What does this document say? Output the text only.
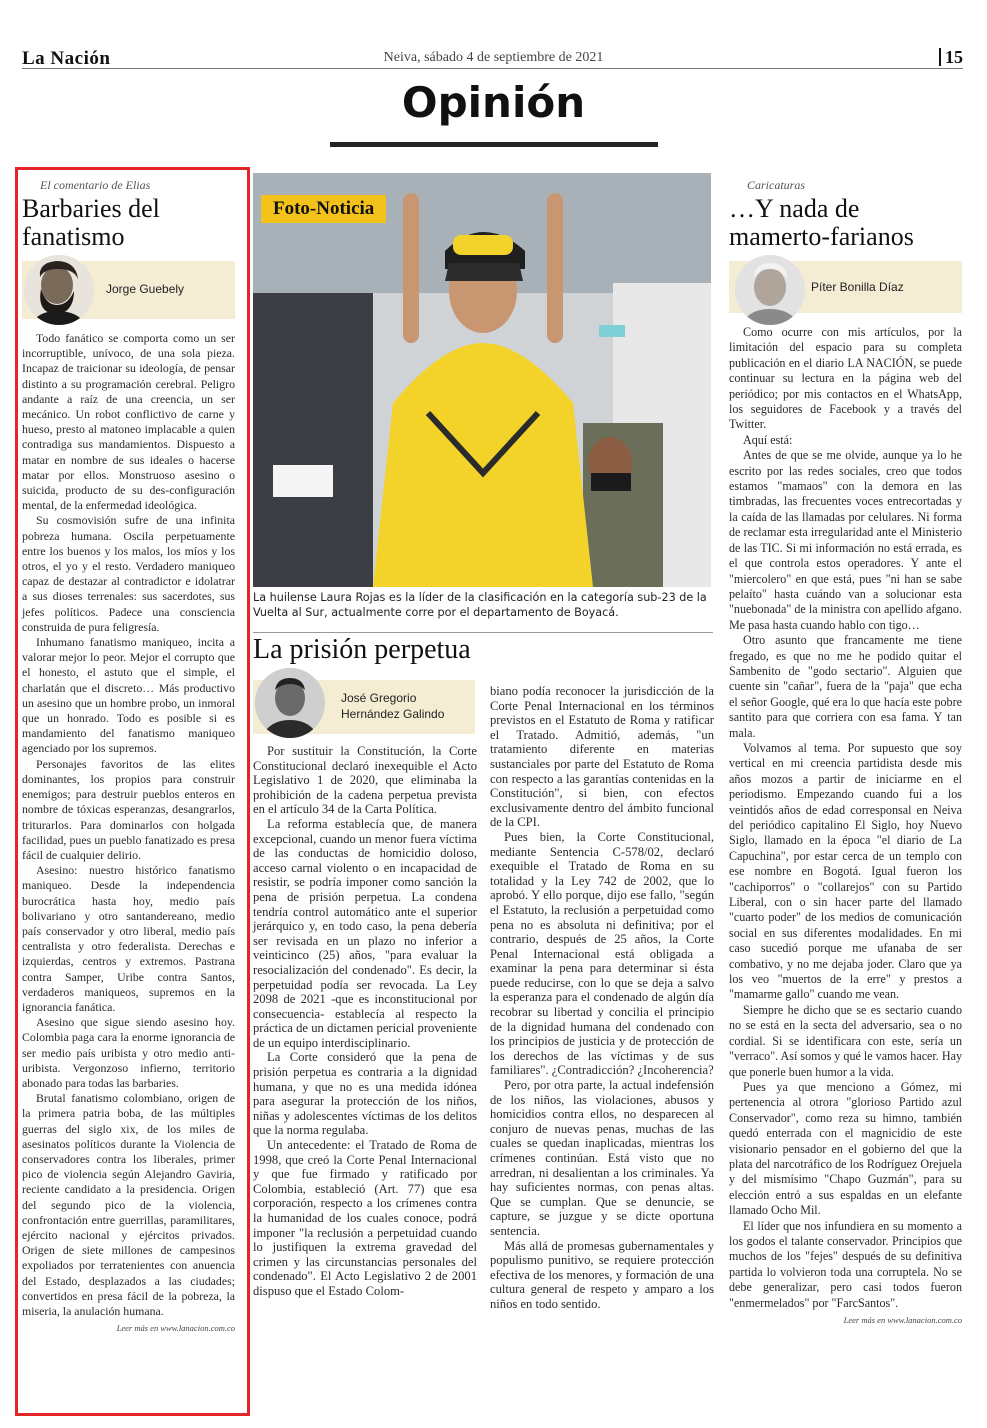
La Nación	Neiva, sábado 4 de septiembre de 2021	15
Opinión
El comentario de Elias
Barbaries del fanatismo
Jorge Guebely

Todo fanático se comporta como un ser incorruptible, unívoco, de una sola pieza. Incapaz de traicionar su ideología, de pensar distinto a su programación cerebral. Peligro andante a raíz de una creencia, un ser mecánico. Un robot conflictivo de carne y hueso, presto al matoneo implacable a quien contradiga sus mandamientos. Dispuesto a matar en nombre de sus ideales o hacerse matar por ellos. Monstruoso asesino o suicida, producto de su des-configuración mental, de la enfermedad ideológica.

Su cosmovisión sufre de una infinita pobreza humana. Oscila perpetuamente entre los buenos y los malos, los míos y los otros, el yo y el resto. Verdadero maniqueo capaz de destazar al contradictor e idolatrar a sus dioses terrenales: sus sacerdotes, sus jefes políticos. Padece una consciencia construida de pura feligresía.

Inhumano fanatismo maniqueo, incita a valorar mejor lo peor. Mejor el corrupto que el honesto, el astuto que el simple, el charlatán que el discreto… Más productivo un asesino que un hombre probo, un inmoral que un honrado. Todo es posible si es mandamiento del fanatismo maniqueo agenciado por los supremos.

Personajes favoritos de las elites dominantes, los propios para construir enemigos; para destruir pueblos enteros en nombre de tóxicas esperanzas, desangrarlos, triturarlos. Para dominarlos con holgada facilidad, pues un pueblo fanatizado es presa fácil de cualquier delirio.

Asesino: nuestro histórico fanatismo maniqueo. Desde la independencia burocrática hasta hoy, medio país bolivariano y otro santandereano, medio país conservador y otro liberal, medio país centralista y otro federalista. Derechas e izquierdas, centros y extremos. Pastrana contra Samper, Uribe contra Santos, verdaderos maniqueos, supremos en la ignorancia fanática.

Asesino que sigue siendo asesino hoy. Colombia paga cara la enorme ignorancia de ser medio país uribista y otro medio anti-uribista. Vergonzoso infierno, territorio abonado para todas las barbaries.

Brutal fanatismo colombiano, origen de la primera patria boba, de las múltiples guerras del siglo xix, de los miles de asesinatos políticos durante la Violencia de conservadores contra los liberales, primer pico de violencia según Alejandro Gaviria, reciente candidato a la presidencia. Origen del segundo pico de la violencia, confrontación entre guerrillas, paramilitares, ejército nacional y ejércitos privados. Origen de siete millones de campesinos expoliados por terratenientes con anuencia del Estado, desplazados a las ciudades; convertidos en presa fácil de la pobreza, la miseria, la anulación humana.

Leer más en www.lanacion.com.co
Foto-Noticia
La huilense Laura Rojas es la líder de la clasificación en la categoría sub-23 de la Vuelta al Sur, actualmente corre por el departamento de Boyacá.
La prisión perpetua
José Gregorio
Hernández Galindo

Por sustituir la Constitución, la Corte Constitucional declaró inexequible el Acto Legislativo 1 de 2020, que eliminaba la prohibición de la cadena perpetua prevista en el artículo 34 de la Carta Política.

La reforma establecía que, de manera excepcional, cuando un menor fuera víctima de las conductas de homicidio doloso, acceso carnal violento o en incapacidad de resistir, se podría imponer como sanción la pena de prisión perpetua. La condena tendría control automático ante el superior jerárquico y, en todo caso, la pena debería ser revisada en un plazo no inferior a veinticinco (25) años, "para evaluar la resocialización del condenado". Es decir, la perpetuidad podía ser revocada. La Ley 2098 de 2021 -que es inconstitucional por consecuencia- establecía al respecto la práctica de un dictamen pericial proveniente de un equipo interdisciplinario.

La Corte consideró que la pena de prisión perpetua es contraria a la dignidad humana, y que no es una medida idónea para asegurar la protección de los niños, niñas y adolescentes víctimas de los delitos que la norma regulaba.

Un antecedente: el Tratado de Roma de 1998, que creó la Corte Penal Internacional y que fue firmado y ratificado por Colombia, estableció (Art. 77) que esa corporación, respecto a los crímenes contra la humanidad de los cuales conoce, podrá imponer "la reclusión a perpetuidad cuando lo justifiquen la extrema gravedad del crimen y las circunstancias personales del condenado". El Acto Legislativo 2 de 2001 dispuso que el Estado Colom-

biano podía reconocer la jurisdicción de la Corte Penal Internacional en los términos previstos en el Estatuto de Roma y ratificar el Tratado. Admitió, además, "un tratamiento diferente en materias sustanciales por parte del Estatuto de Roma con respecto a las garantías contenidas en la Constitución", si bien, con efectos exclusivamente dentro del ámbito funcional de la CPI.

Pues bien, la Corte Constitucional, mediante Sentencia C-578/02, declaró exequible el Tratado de Roma en su totalidad y la Ley 742 de 2002, que lo aprobó. Y ello porque, dijo ese fallo, "según el Estatuto, la reclusión a perpetuidad como pena no es absoluta ni definitiva; por el contrario, después de 25 años, la Corte Penal Internacional está obligada a examinar la pena para determinar si ésta puede reducirse, con lo que se deja a salvo la esperanza para el condenado de algún día recobrar su libertad y concilia el principio de la dignidad humana del condenado con los principios de justicia y de protección de los derechos de las víctimas y de sus familiares". ¿Contradicción? ¿Incoherencia?

Pero, por otra parte, la actual indefensión de los niños, las violaciones, abusos y homicidios contra ellos, no desparecen al conjuro de nuevas penas, muchas de las cuales se quedan inaplicadas, mientras los crímenes continúan. Está visto que no arredran, ni desalientan a los criminales. Ya hay suficientes normas, con penas altas. Que se cumplan. Que se denuncie, se capture, se juzgue y se dicte oportuna sentencia.

Más allá de promesas gubernamentales y populismo punitivo, se requiere protección efectiva de los menores, y formación de una cultura general de respeto y amparo a los niños en todo sentido.

Caricaturas
…Y nada de mamerto-farianos
Píter Bonilla Díaz

Como ocurre con mis artículos, por la limitación del espacio para su completa publicación en el diario LA NACIÓN, se puede continuar su lectura en la página web del periódico; por mis contactos en el WhatsApp, los seguidores de Facebook y a través del Twitter.

Aquí está:

Antes de que se me olvide, aunque ya lo he escrito por las redes sociales, creo que todos estamos "mamaos" con la demora en las timbradas, las frecuentes voces entrecortadas y la caída de las llamadas por celulares. Ni forma de reclamar esta irregularidad ante el Ministerio de las TIC. Si mi información no está errada, es el que controla estos operadores. Y ante el "miercolero" en que está, pues "ni han se sabe pelaíto" hasta cuándo van a solucionar esta "nuebonada" de la ministra con apellido afgano. Me pasa hasta cuando hablo con tigo…

Otro asunto que francamente me tiene fregado, es que no me he podido quitar el Sambenito de "godo sectario". Alguien que cuente sin "cañar", fuera de la "paja" que echa el señor Google, qué era lo que hacía este pobre santito para que corriera con esa fama. Y tan mala.

Volvamos al tema. Por supuesto que soy vertical en mi creencia partidista desde mis años mozos a partir de iniciarme en el periodismo. Empezando cuando fui a los veintidós años de edad corresponsal en Neiva del periódico capitalino El Siglo, hoy Nuevo Siglo, llamado en la época "el diario de La Capuchina", por estar cerca de un templo con ese nombre en Bogotá. Igual fueron los "cachiporros" o "collarejos" con su Partido Liberal, con o sin hacer parte del llamado "cuarto poder" de los medios de comunicación social en sus diferentes modalidades. En mi caso sucedió porque me ufanaba de ser combativo, y no me dejaba joder. Claro que ya los veo "muertos de la erre" y prestos a "mamarme gallo" cuando me vean.

Siempre he dicho que se es sectario cuando no se está en la secta del adversario, sea o no cordial. Si se identificara con este, sería un "verraco". Así somos y qué le vamos hacer. Hay que ponerle buen humor a la vida.

Pues ya que menciono a Gómez, mi pertenencia al otrora "glorioso Partido azul Conservador", como reza su himno, también quedó enterrada con el magnicidio de este visionario pensador en el gobierno del que la plata del narcotráfico de los Rodríguez Orejuela y del mismísimo "Chapo Guzmán", para su elección entró a sus espaldas en un elefante llamado Ocho Mil.

El líder que nos infundiera en su momento a los godos el talante conservador. Principios que muchos de los "fejes" después de su definitiva partida lo volvieron toda una corruptela. No se debe generalizar, pero casi todos fueron "enmermelados" por "FarcSantos".

Leer más en www.lanacion.com.co
